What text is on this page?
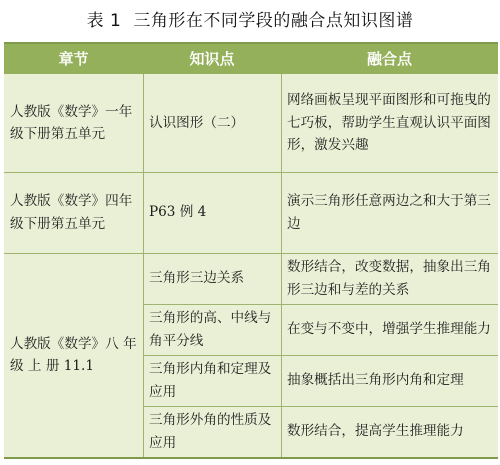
表 1 三角形在不同学段的融合点知识图谱
章节	知识点	融合点
人教版《数学》一年级下册第五单元
认识图形（二）
网络画板呈现平面图形和可拖曳的七巧板，帮助学生直观认识平面图形，激发兴趣
人教版《数学》四年级下册第五单元
P63 例 4
演示三角形任意两边之和大于第三边
人教版《数学》八 年 级 上 册 11.1
三角形三边关系
数形结合，改变数据，抽象出三角形三边和与差的关系
三角形的高、中线与角平分线
在变与不变中，增强学生推理能力
三角形内角和定理及应用
抽象概括出三角形内角和定理
三角形外角的性质及应用
数形结合，提高学生推理能力
